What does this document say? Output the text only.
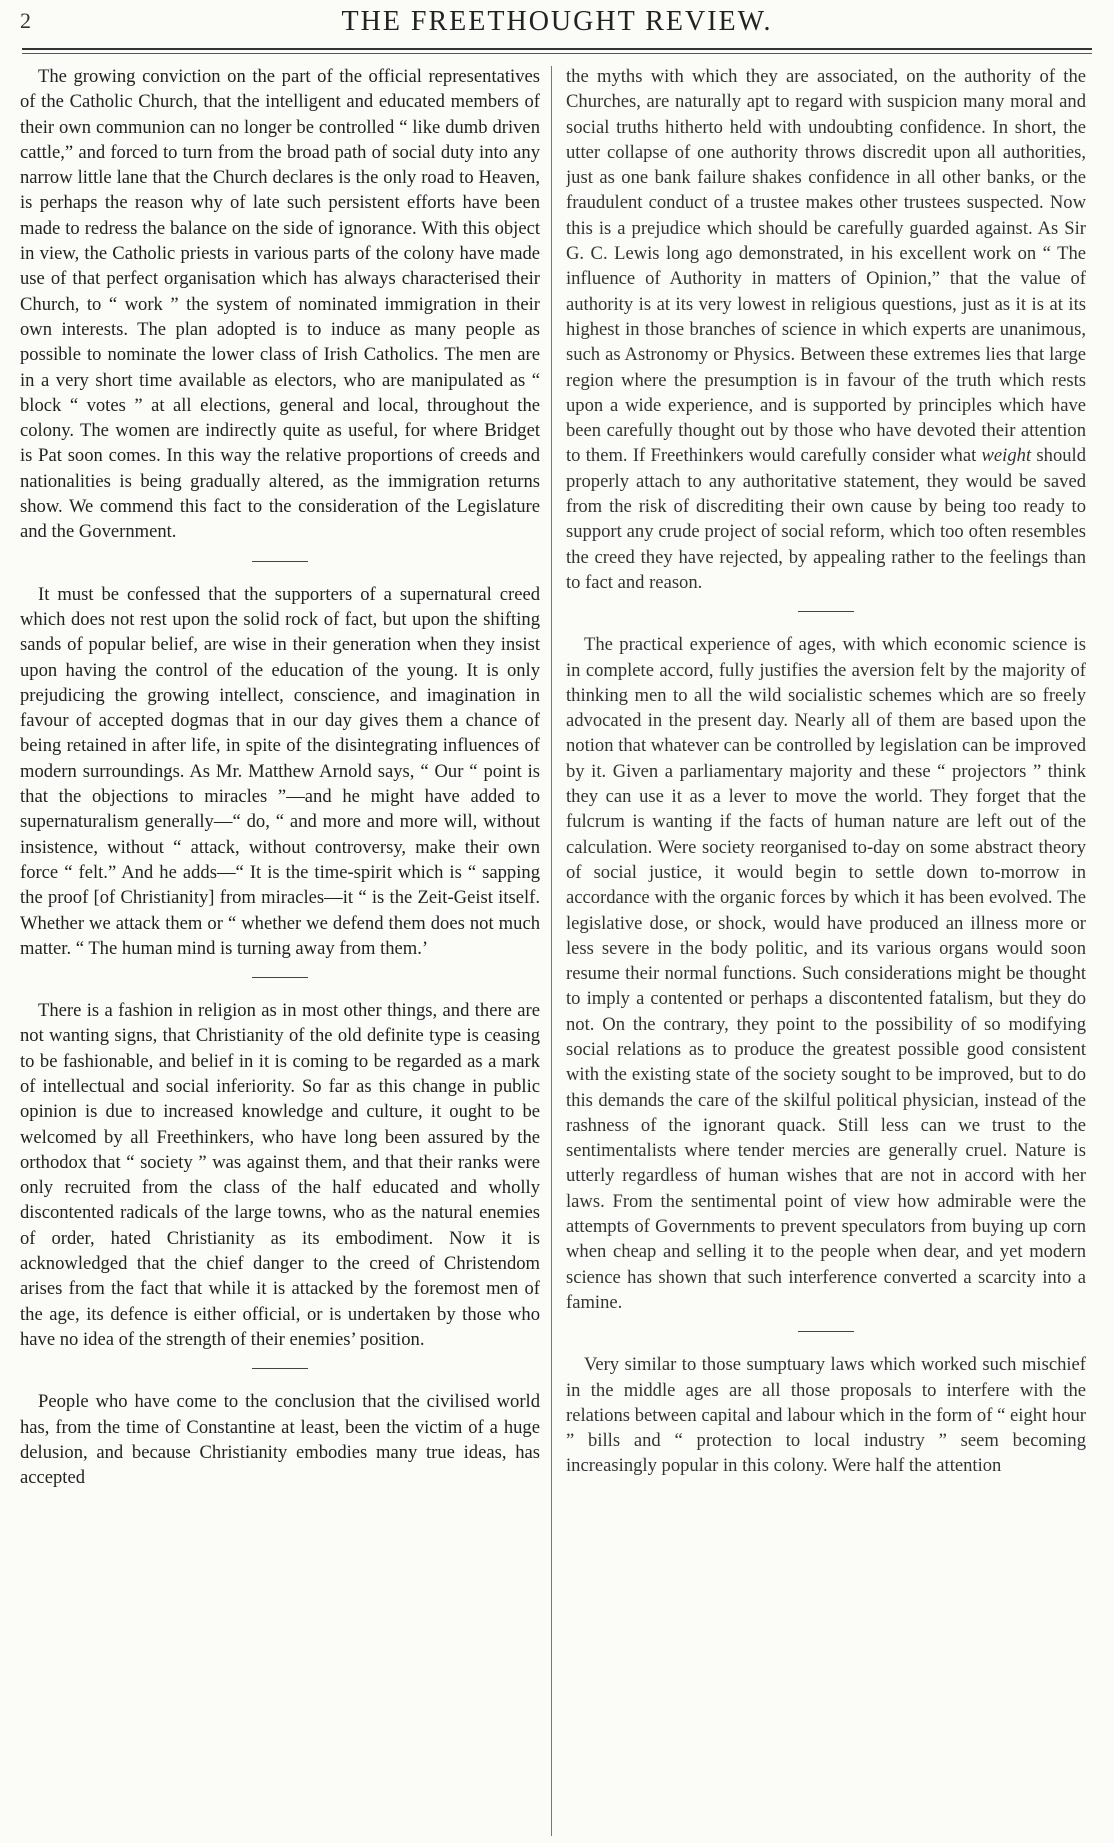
2	THE FREETHOUGHT REVIEW.

The growing conviction on the part of the official representatives of the Catholic Church, that the intelligent and educated members of their own communion can no longer be controlled “ like dumb driven cattle,” and forced to turn from the broad path of social duty into any narrow little lane that the Church declares is the only road to Heaven, is perhaps the reason why of late such persistent efforts have been made to redress the balance on the side of ignorance. With this object in view, the Catholic priests in various parts of the colony have made use of that perfect organisation which has always characterised their Church, to “ work ” the system of nominated immigration in their own interests. The plan adopted is to induce as many people as possible to nominate the lower class of Irish Catholics. The men are in a very short time available as electors, who are manipulated as “ block “ votes ” at all elections, general and local, throughout the colony. The women are indirectly quite as useful, for where Bridget is Pat soon comes. In this way the relative proportions of creeds and nationalities is being gradually altered, as the immigration returns show. We commend this fact to the consideration of the Legislature and the Government.

It must be confessed that the supporters of a supernatural creed which does not rest upon the solid rock of fact, but upon the shifting sands of popular belief, are wise in their generation when they insist upon having the control of the education of the young. It is only prejudicing the growing intellect, conscience, and imagination in favour of accepted dogmas that in our day gives them a chance of being retained in after life, in spite of the disintegrating influences of modern surroundings. As Mr. Matthew Arnold says, “ Our “ point is that the objections to miracles ”—and he might have added to supernaturalism generally—“ do, “ and more and more will, without insistence, without “ attack, without controversy, make their own force “ felt.” And he adds—“ It is the time-spirit which is “ sapping the proof [of Christianity] from miracles—it “ is the Zeit-Geist itself. Whether we attack them or “ whether we defend them does not much matter. “ The human mind is turning away from them.’

There is a fashion in religion as in most other things, and there are not wanting signs, that Christianity of the old definite type is ceasing to be fashionable, and belief in it is coming to be regarded as a mark of intellectual and social inferiority. So far as this change in public opinion is due to increased knowledge and culture, it ought to be welcomed by all Freethinkers, who have long been assured by the orthodox that “ society ” was against them, and that their ranks were only recruited from the class of the half educated and wholly discontented radicals of the large towns, who as the natural enemies of order, hated Christianity as its embodiment. Now it is acknowledged that the chief danger to the creed of Christendom arises from the fact that while it is attacked by the foremost men of the age, its defence is either official, or is undertaken by those who have no idea of the strength of their enemies’ position.

People who have come to the conclusion that the civilised world has, from the time of Constantine at least, been the victim of a huge delusion, and because Christianity embodies many true ideas, has accepted

the myths with which they are associated, on the authority of the Churches, are naturally apt to regard with suspicion many moral and social truths hitherto held with undoubting confidence. In short, the utter collapse of one authority throws discredit upon all authorities, just as one bank failure shakes confidence in all other banks, or the fraudulent conduct of a trustee makes other trustees suspected. Now this is a prejudice which should be carefully guarded against. As Sir G. C. Lewis long ago demonstrated, in his excellent work on “ The influence of Authority in matters of Opinion,” that the value of authority is at its very lowest in religious questions, just as it is at its highest in those branches of science in which experts are unanimous, such as Astronomy or Physics. Between these extremes lies that large region where the presumption is in favour of the truth which rests upon a wide experience, and is supported by principles which have been carefully thought out by those who have devoted their attention to them. If Freethinkers would carefully consider what weight should properly attach to any authoritative statement, they would be saved from the risk of discrediting their own cause by being too ready to support any crude project of social reform, which too often resembles the creed they have rejected, by appealing rather to the feelings than to fact and reason.

The practical experience of ages, with which economic science is in complete accord, fully justifies the aversion felt by the majority of thinking men to all the wild socialistic schemes which are so freely advocated in the present day. Nearly all of them are based upon the notion that whatever can be controlled by legislation can be improved by it. Given a parliamentary majority and these “ projectors ” think they can use it as a lever to move the world. They forget that the fulcrum is wanting if the facts of human nature are left out of the calculation. Were society reorganised to-day on some abstract theory of social justice, it would begin to settle down to-morrow in accordance with the organic forces by which it has been evolved. The legislative dose, or shock, would have produced an illness more or less severe in the body politic, and its various organs would soon resume their normal functions. Such considerations might be thought to imply a contented or perhaps a discontented fatalism, but they do not. On the contrary, they point to the possibility of so modifying social relations as to produce the greatest possible good consistent with the existing state of the society sought to be improved, but to do this demands the care of the skilful political physician, instead of the rashness of the ignorant quack. Still less can we trust to the sentimentalists where tender mercies are generally cruel. Nature is utterly regardless of human wishes that are not in accord with her laws. From the sentimental point of view how admirable were the attempts of Governments to prevent speculators from buying up corn when cheap and selling it to the people when dear, and yet modern science has shown that such interference converted a scarcity into a famine.

Very similar to those sumptuary laws which worked such mischief in the middle ages are all those proposals to interfere with the relations between capital and labour which in the form of “ eight hour ” bills and “ protection to local industry ” seem becoming increasingly popular in this colony. Were half the attention
